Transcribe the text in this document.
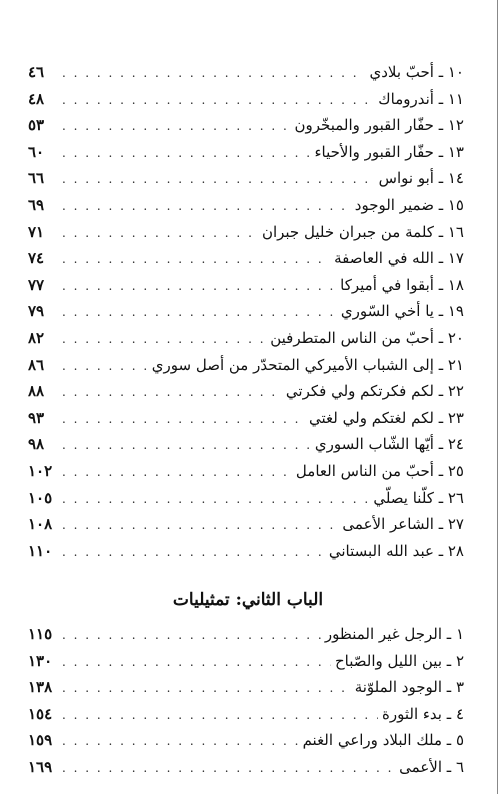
١٠ ـ أحبّ بلادي
. . .
٤٦
١١ ـ أندروماك
. . .
٤٨
١٢ ـ حفّار القبور والمبخّرون
. . .
٥٣
١٣ ـ حفّار القبور والأحياء
. . .
٦٠
١٤ ـ أبو نواس
. . .
٦٦
١٥ ـ ضمير الوجود
. . .
٦٩
١٦ ـ كلمة من جبران خليل جبران
. . .
٧١
١٧ ـ الله في العاصفة
. . .
٧٤
١٨ ـ أبقوا في أميركا
. . .
٧٧
١٩ ـ يا أخي السّوري
. . .
٧٩
٢٠ ـ أحبّ من الناس المتطرفين
. . .
٨٢
٢١ ـ إلى الشباب الأميركي المتحدّر من أصل سوري
. . .
٨٦
٢٢ ـ لكم فكرتكم ولي فكرتي
. . .
٨٨
٢٣ ـ لكم لغتكم ولي لغتي
. . .
٩٣
٢٤ ـ أيّها الشّاب السوري
. . .
٩٨
٢٥ ـ أحبّ من الناس العامل
. . .
١٠٢
٢٦ ـ كلّنا يصلّي
. . .
١٠٥
٢٧ ـ الشاعر الأعمى
. . .
١٠٨
٢٨ ـ عبد الله البستاني
. . .
١١٠
الباب الثاني: تمثيليات
١ ـ الرجل غير المنظور
. . .
١١٥
٢ ـ بين الليل والصّباح
. . .
١٣٠
٣ ـ الوجود الملوّنة
. . .
١٣٨
٤ ـ بدء الثورة
. . .
١٥٤
٥ ـ ملك البلاد وراعي الغنم
. . .
١٥٩
٦ ـ الأعمى
. . .
١٦٩
